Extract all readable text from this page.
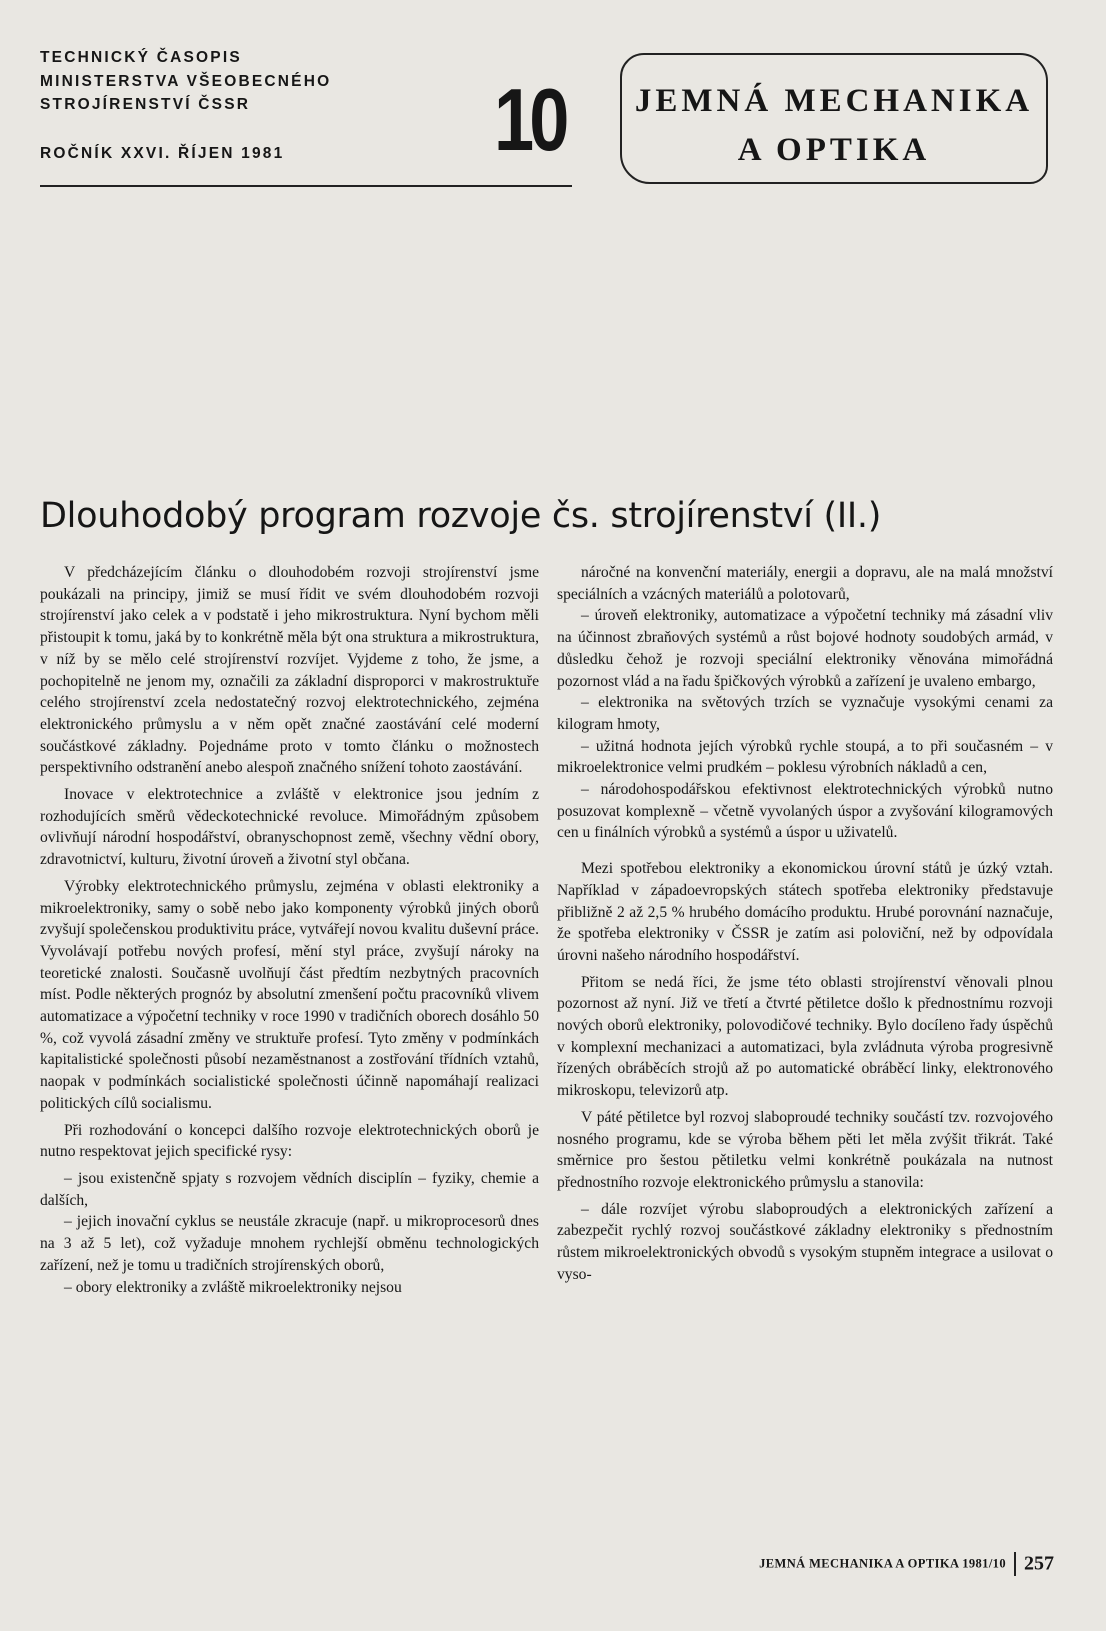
TECHNICKÝ ČASOPIS
MINISTERSTVA VŠEOBECNÉHO
STROJÍRENSTVÍ ČSSR
ROČNÍK XXVI. ŘÍJEN 1981	10	JEMNÁ MECHANIKA
A OPTIKA
Dlouhodobý program rozvoje čs. strojírenství (II.)

V předcházejícím článku o dlouhodobém rozvoji strojírenství jsme poukázali na principy, jimiž se musí řídit ve svém dlouhodobém rozvoji strojírenství jako celek a v podstatě i jeho mikrostruktura. Nyní bychom měli přistoupit k tomu, jaká by to konkrétně měla být ona struktura a mikrostruktura, v níž by se mělo celé strojírenství rozvíjet. Vyjdeme z toho, že jsme, a pochopitelně ne jenom my, označili za základní disproporci v makrostruktuře celého strojírenství zcela nedostatečný rozvoj elektrotechnického, zejména elektronického průmyslu a v něm opět značné zaostávání celé moderní součástkové základny. Pojednáme proto v tomto článku o možnostech perspektivního odstranění anebo alespoň značného snížení tohoto zaostávání.

Inovace v elektrotechnice a zvláště v elektronice jsou jedním z rozhodujících směrů vědeckotechnické revoluce. Mimořádným způsobem ovlivňují národní hospodářství, obranyschopnost země, všechny vědní obory, zdravotnictví, kulturu, životní úroveň a životní styl občana.

Výrobky elektrotechnického průmyslu, zejména v oblasti elektroniky a mikroelektroniky, samy o sobě nebo jako komponenty výrobků jiných oborů zvyšují společenskou produktivitu práce, vytvářejí novou kvalitu duševní práce. Vyvolávají potřebu nových profesí, mění styl práce, zvyšují nároky na teoretické znalosti. Současně uvolňují část předtím nezbytných pracovních míst. Podle některých prognóz by absolutní zmenšení počtu pracovníků vlivem automatizace a výpočetní techniky v roce 1990 v tradičních oborech dosáhlo 50 %, což vyvolá zásadní změny ve struktuře profesí. Tyto změny v podmínkách kapitalistické společnosti působí nezaměstnanost a zostřování třídních vztahů, naopak v podmínkách socialistické společnosti účinně napomáhají realizaci politických cílů socialismu.

Při rozhodování o koncepci dalšího rozvoje elektrotechnických oborů je nutno respektovat jejich specifické rysy:

– jsou existenčně spjaty s rozvojem vědních disciplín – fyziky, chemie a dalších,

– jejich inovační cyklus se neustále zkracuje (např. u mikroprocesorů dnes na 3 až 5 let), což vyžaduje mnohem rychlejší obměnu technologických zařízení, než je tomu u tradičních strojírenských oborů,

– obory elektroniky a zvláště mikroelektroniky nejsou

náročné na konvenční materiály, energii a dopravu, ale na malá množství speciálních a vzácných materiálů a polotovarů,

– úroveň elektroniky, automatizace a výpočetní techniky má zásadní vliv na účinnost zbraňových systémů a růst bojové hodnoty soudobých armád, v důsledku čehož je rozvoji speciální elektroniky věnována mimořádná pozornost vlád a na řadu špičkových výrobků a zařízení je uvaleno embargo,

– elektronika na světových trzích se vyznačuje vysokými cenami za kilogram hmoty,

– užitná hodnota jejích výrobků rychle stoupá, a to při současném – v mikroelektronice velmi prudkém – poklesu výrobních nákladů a cen,

– národohospodářskou efektivnost elektrotechnických výrobků nutno posuzovat komplexně – včetně vyvolaných úspor a zvyšování kilogramových cen u finálních výrobků a systémů a úspor u uživatelů.

Mezi spotřebou elektroniky a ekonomickou úrovní států je úzký vztah. Například v západoevropských státech spotřeba elektroniky představuje přibližně 2 až 2,5 % hrubého domácího produktu. Hrubé porovnání naznačuje, že spotřeba elektroniky v ČSSR je zatím asi poloviční, než by odpovídala úrovni našeho národního hospodářství.

Přitom se nedá říci, že jsme této oblasti strojírenství věnovali plnou pozornost až nyní. Již ve třetí a čtvrté pětiletce došlo k přednostnímu rozvoji nových oborů elektroniky, polovodičové techniky. Bylo docíleno řady úspěchů v komplexní mechanizaci a automatizaci, byla zvládnuta výroba progresivně řízených obráběcích strojů až po automatické obráběcí linky, elektronového mikroskopu, televizorů atp.

V páté pětiletce byl rozvoj slaboproudé techniky součástí tzv. rozvojového nosného programu, kde se výroba během pěti let měla zvýšit třikrát. Také směrnice pro šestou pětiletku velmi konkrétně poukázala na nutnost přednostního rozvoje elektronického průmyslu a stanovila:

– dále rozvíjet výrobu slaboproudých a elektronických zařízení a zabezpečit rychlý rozvoj součástkové základny elektroniky s přednostním růstem mikroelektronických obvodů s vysokým stupněm integrace a usilovat o vyso-

JEMNÁ MECHANIKA A OPTIKA 1981/10 257
